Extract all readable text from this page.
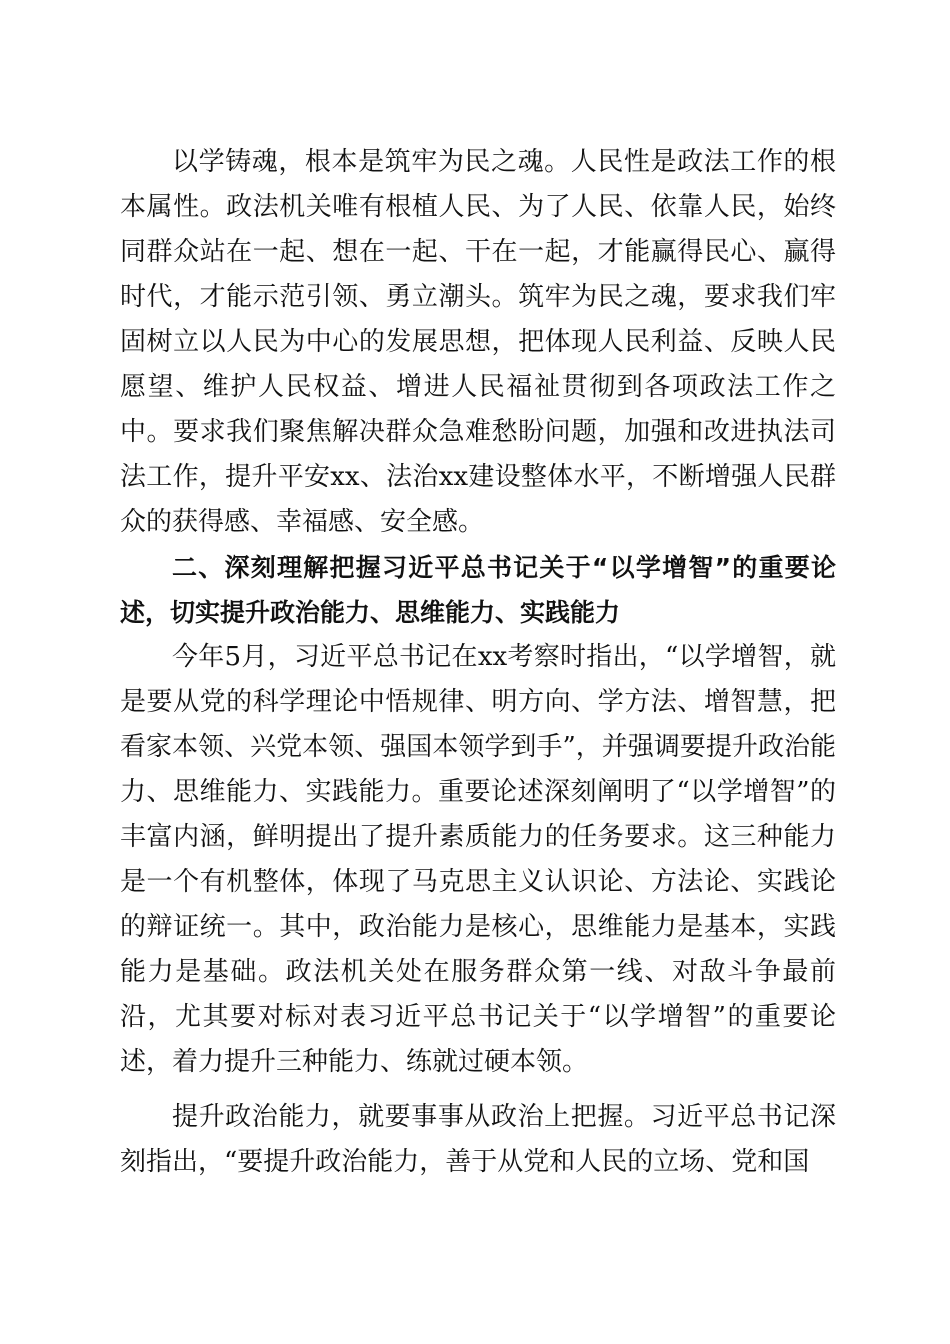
以学铸魂，根本是筑牢为民之魂。人民性是政法工作的根本属性。政法机关唯有根植人民、为了人民、依靠人民，始终同群众站在一起、想在一起、干在一起，才能赢得民心、赢得时代，才能示范引领、勇立潮头。筑牢为民之魂，要求我们牢固树立以人民为中心的发展思想，把体现人民利益、反映人民愿望、维护人民权益、增进人民福祉贯彻到各项政法工作之中。要求我们聚焦解决群众急难愁盼问题，加强和改进执法司法工作，提升平安xx、法治xx建设整体水平，不断增强人民群众的获得感、幸福感、安全感。

二、深刻理解把握习近平总书记关于“以学增智”的重要论述，切实提升政治能力、思维能力、实践能力

今年5月，习近平总书记在xx考察时指出，“以学增智，就是要从党的科学理论中悟规律、明方向、学方法、增智慧，把看家本领、兴党本领、强国本领学到手”，并强调要提升政治能力、思维能力、实践能力。重要论述深刻阐明了“以学增智”的丰富内涵，鲜明提出了提升素质能力的任务要求。这三种能力是一个有机整体，体现了马克思主义认识论、方法论、实践论的辩证统一。其中，政治能力是核心，思维能力是基本，实践能力是基础。政法机关处在服务群众第一线、对敌斗争最前沿，尤其要对标对表习近平总书记关于“以学增智”的重要论述，着力提升三种能力、练就过硬本领。

提升政治能力，就要事事从政治上把握。习近平总书记深刻指出，“要提升政治能力，善于从党和人民的立场、党和国
